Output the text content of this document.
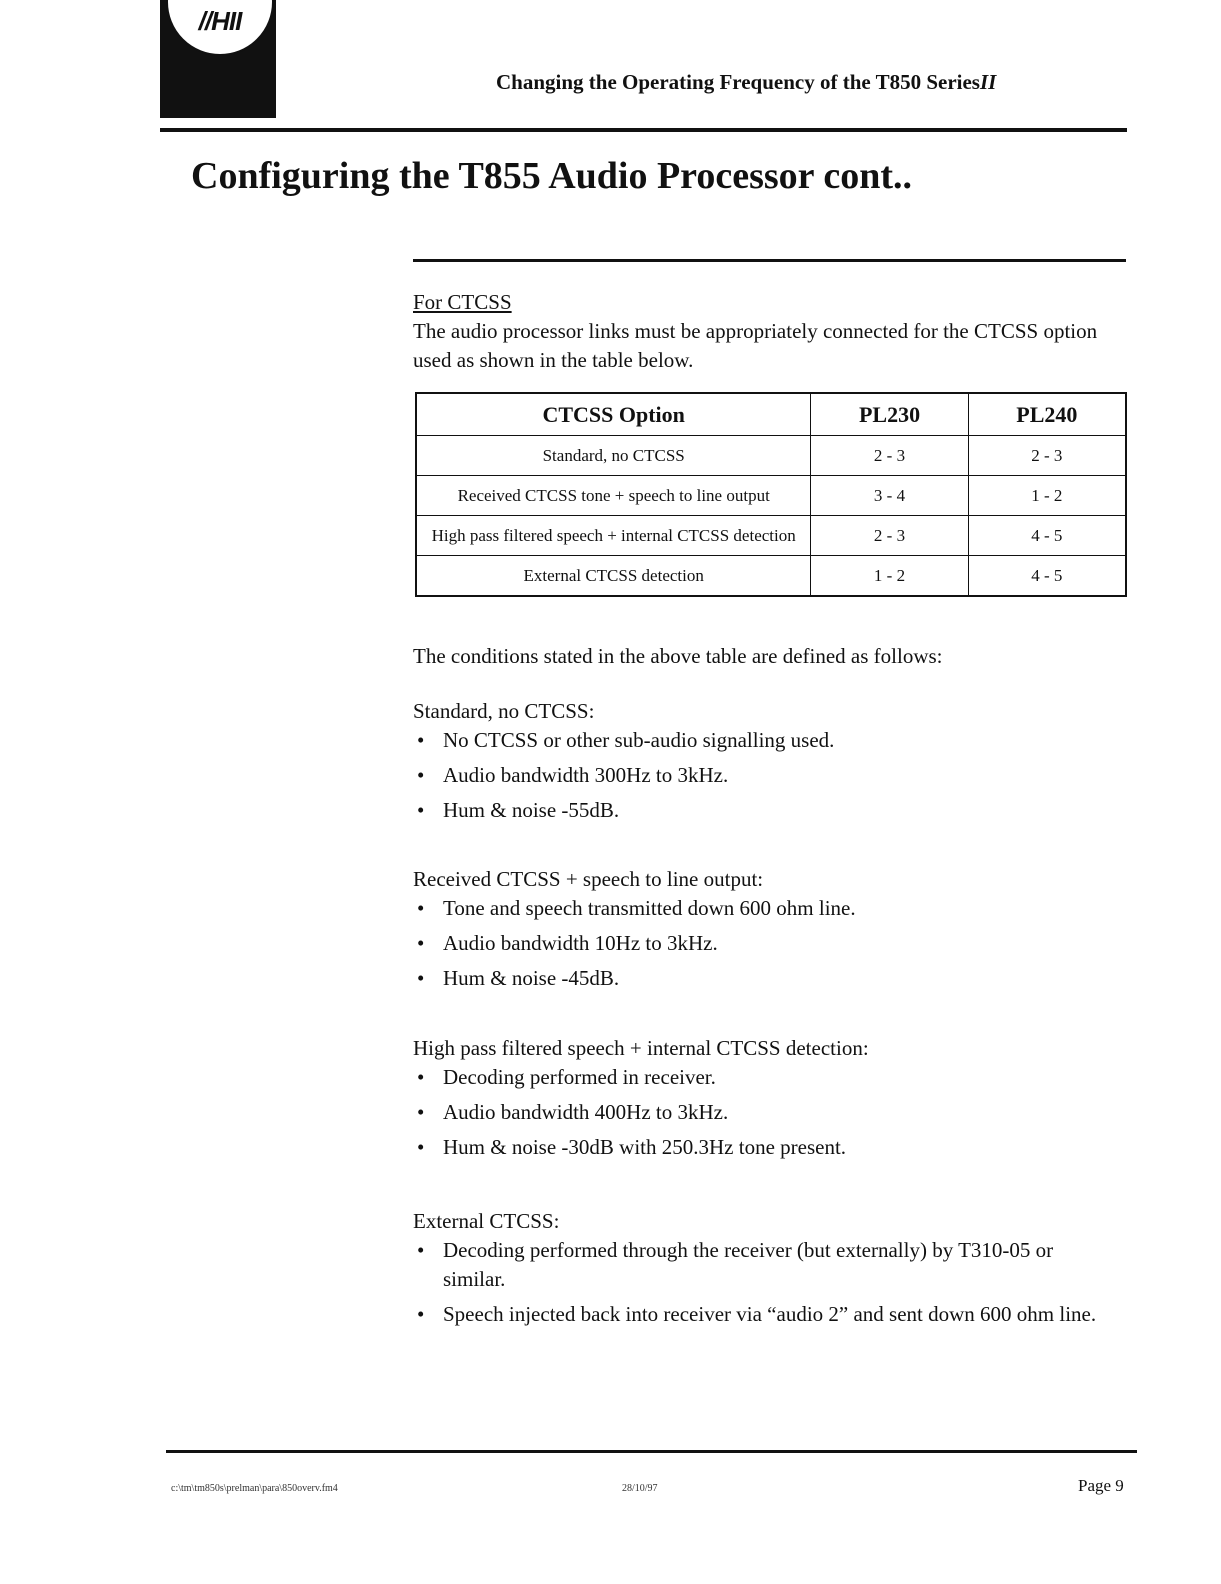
//HII
Changing the Operating Frequency of the T850 SeriesII
Configuring the T855 Audio Processor cont..
For CTCSS
The audio processor links must be appropriately connected for the CTCSS option used as shown in the table below.
CTCSS Option	PL230	PL240
Standard, no CTCSS	2 - 3	2 - 3
Received CTCSS tone + speech to line output	3 - 4	1 - 2
High pass filtered speech + internal CTCSS detection	2 - 3	4 - 5
External CTCSS detection	1 - 2	4 - 5
The conditions stated in the above table are defined as follows:
Standard, no CTCSS:
• No CTCSS or other sub-audio signalling used.
• Audio bandwidth 300Hz to 3kHz.
• Hum & noise -55dB.
Received CTCSS + speech to line output:
• Tone and speech transmitted down 600 ohm line.
• Audio bandwidth 10Hz to 3kHz.
• Hum & noise -45dB.
High pass filtered speech + internal CTCSS detection:
• Decoding performed in receiver.
• Audio bandwidth 400Hz to 3kHz.
• Hum & noise -30dB with 250.3Hz tone present.
External CTCSS:
• Decoding performed through the receiver (but externally) by T310-05 or similar.
• Speech injected back into receiver via “audio 2” and sent down 600 ohm line.
c:\tm\tm850s\prelman\para\850overv.fm4	28/10/97	Page 9
